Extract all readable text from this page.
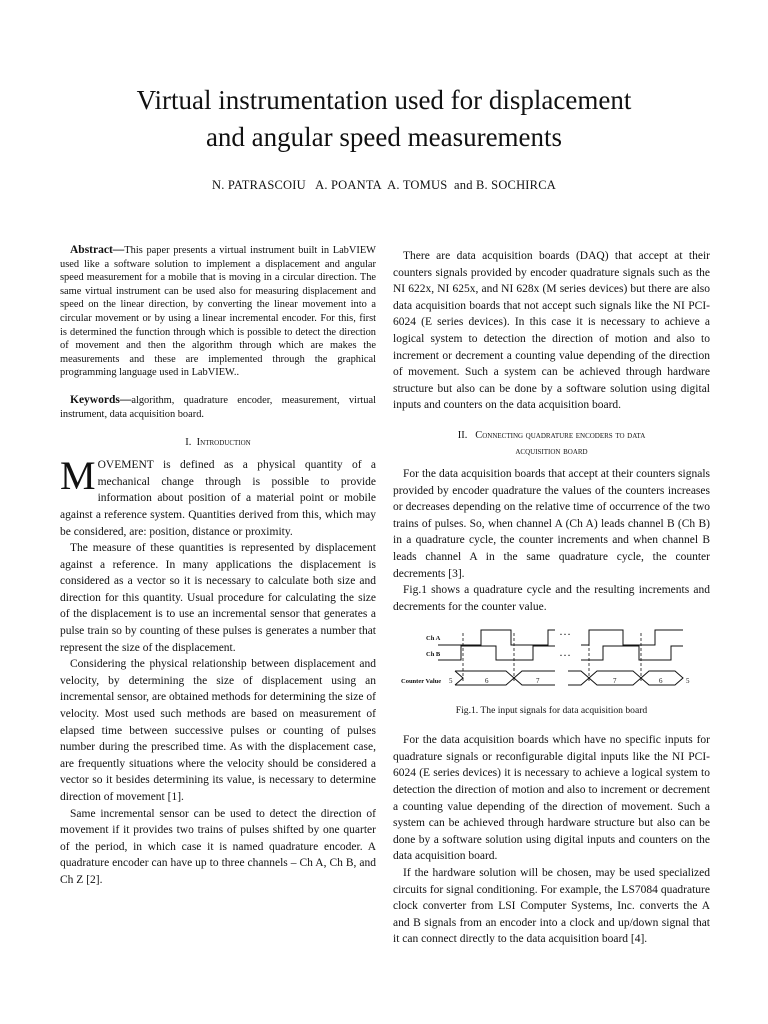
Virtual instrumentation used for displacement
and angular speed measurements
N. PATRASCOIU   A. POANTA  A. TOMUS  and B. SOCHIRCA

Abstract—This paper presents a virtual instrument built in LabVIEW used like a software solution to implement a displacement and angular speed measurement for a mobile that is moving in a circular direction. The same virtual instrument can be used also for measuring displacement and speed on the linear direction, by converting the linear movement into a circular movement or by using a linear incremental encoder. For this, first is determined the function through which is possible to detect the direction of movement and then the algorithm through which are makes the measurements and these are implemented through the graphical programming language used in LabVIEW..

Keywords—algorithm, quadrature encoder, measurement, virtual instrument, data acquisition board.

I. Introduction

MOVEMENT is defined as a physical quantity of a mechanical change through is possible to provide information about position of a material point or mobile against a reference system. Quantities derived from this, which may be considered, are: position, distance or proximity.

The measure of these quantities is represented by displacement against a reference. In many applications the displacement is considered as a vector so it is necessary to calculate both size and direction for this quantity. Usual procedure for calculating the size of the displacement is to use an incremental sensor that generates a pulse train so by counting of these pulses is generates a number that represent the size of the displacement.

Considering the physical relationship between displacement and velocity, by determining the size of displacement using an incremental sensor, are obtained methods for determining the size of velocity. Most used such methods are based on measurement of elapsed time between successive pulses or counting of pulses number during the prescribed time. As with the displacement case, are frequently situations where the velocity should be considered a vector so it besides determining its value, is necessary to determine direction of movement [1].

Same incremental sensor can be used to detect the direction of movement if it provides two trains of pulses shifted by one quarter of the period, in which case it is named quadrature encoder. A quadrature encoder can have up to three channels – Ch A, Ch B, and Ch Z [2].

There are data acquisition boards (DAQ) that accept at their counters signals provided by encoder quadrature signals such as the NI 622x, NI 625x, and NI 628x (M series devices) but there are also data acquisition boards that not accept such signals like the NI PCI-6024 (E series devices). In this case it is necessary to achieve a logical system to detection the direction of motion and also to increment or decrement a counting value depending of the direction of movement. Such a system can be achieved through hardware structure but also can be done by a software solution using digital inputs and counters on the data acquisition board.

II. Connecting quadrature encoders to data
acquisition board

For the data acquisition boards that accept at their counters signals provided by encoder quadrature the values of the counters increases or decreases depending on the relative time of occurrence of the two trains of pulses. So, when channel A (Ch A) leads channel B (Ch B) in a quadrature cycle, the counter increments and when channel B leads channel A in the same quadrature cycle, the counter decrements [3].

Fig.1 shows a quadrature cycle and the resulting increments and decrements for the counter value.

Ch A
Ch B
Counter Value 5	6	7	7	6	5
…
…

Fig.1. The input signals for data acquisition board

For the data acquisition boards which have no specific inputs for quadrature signals or reconfigurable digital inputs like the NI PCI-6024 (E series devices) it is necessary to achieve a logical system to detection the direction of motion and also to increment or decrement a counting value depending of the direction of movement. Such a system can be achieved through hardware structure but also can be done by a software solution using digital inputs and counters on the data acquisition board.

If the hardware solution will be chosen, may be used specialized circuits for signal conditioning. For example, the LS7084 quadrature clock converter from LSI Computer Systems, Inc. converts the A and B signals from an encoder into a clock and up/down signal that it can connect directly to the data acquisition board [4].
